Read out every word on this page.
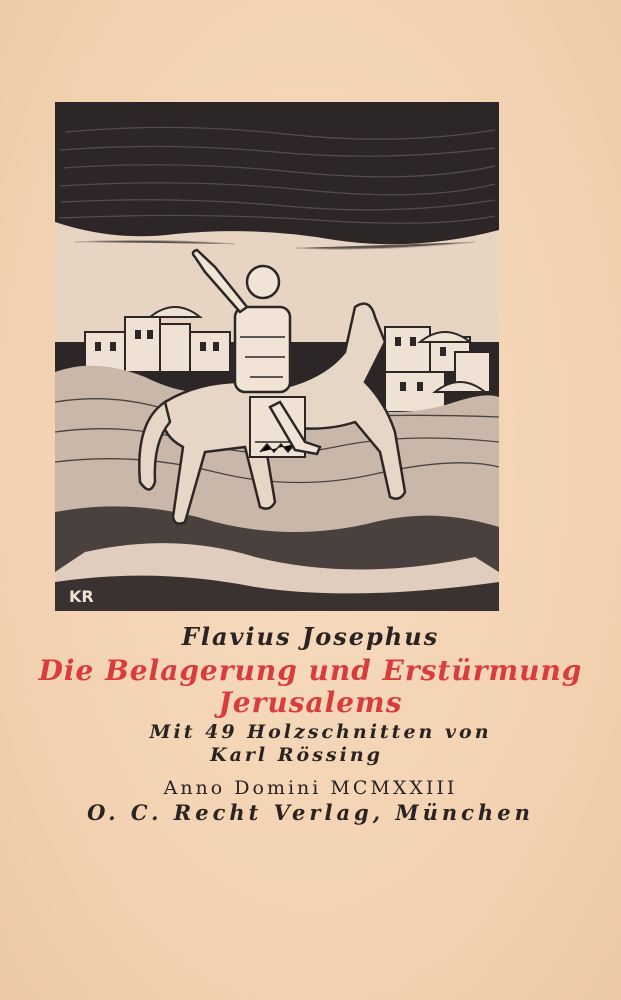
KR
Flavius Josephus
Die Belagerung und Erstürmung
Jerusalems
Mit 49 Holzschnitten von
Karl Rössing
Anno Domini MCMXXIII
O. C. Recht Verlag, München
